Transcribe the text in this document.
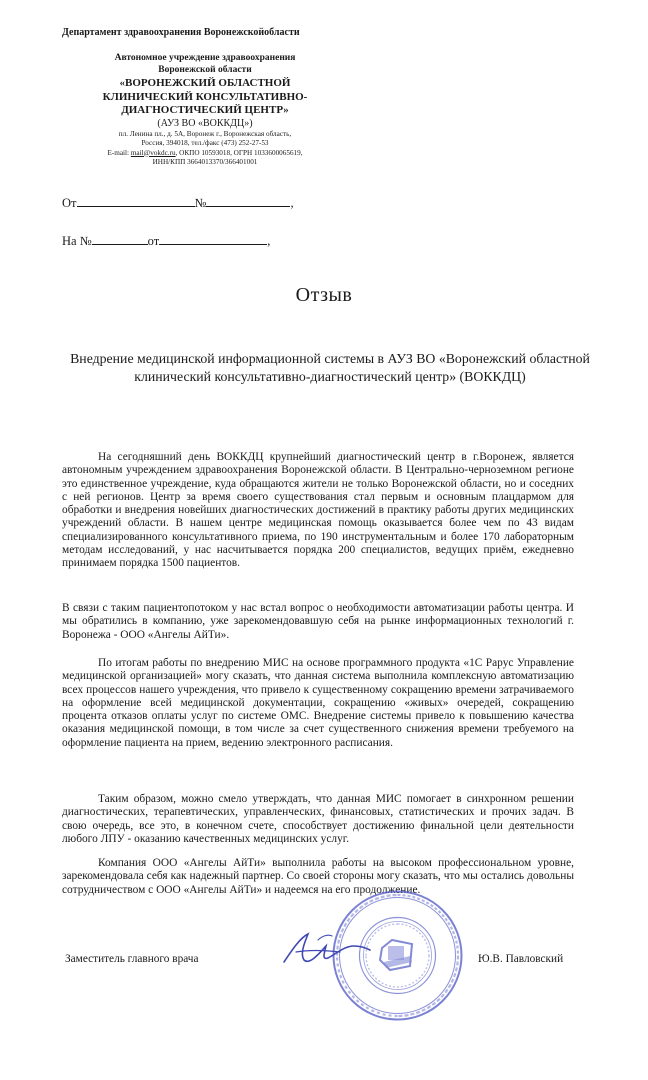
Департамент здравоохранения Воронежскойобласти
Автономное учреждение здравоохранения
Воронежской области
«ВОРОНЕЖСКИЙ ОБЛАСТНОЙ
КЛИНИЧЕСКИЙ КОНСУЛЬТАТИВНО-
ДИАГНОСТИЧЕСКИЙ ЦЕНТР»
(АУЗ ВО «ВОККДЦ»)
пл. Ленина пл., д. 5А, Воронеж г., Воронежская область,
Россия, 394018, тел./факс (473) 252-27-53
E-mail: mail@vokdc.ru, ОКПО 10593018, ОГРН 1033600065619,
ИНН/КПП 3664013370/366401001
От	№	,
На №	от	,
Отзыв
Внедрение медицинской информационной системы в АУЗ ВО «Воронежский областной клинический консультативно-диагностический центр» (ВОККДЦ)

На сегодняшний день ВОККДЦ крупнейший диагностический центр в г.Воронеж, является автономным учреждением здравоохранения Воронежской области. В Центрально-черноземном регионе это единственное учреждение, куда обращаются жители не только Воронежской области, но и соседних с ней регионов. Центр за время своего существования стал первым и основным плацдармом для обработки и внедрения новейших диагностических достижений в практику работы других медицинских учреждений области. В нашем центре медицинская помощь оказывается более чем по 43 видам специализированного консультативного приема, по 190 инструментальным и более 170 лабораторным методам исследований, у нас насчитывается порядка 200 специалистов, ведущих приём, ежедневно принимаем порядка 1500 пациентов.

В связи с таким пациентопотоком у нас встал вопрос о необходимости автоматизации работы центра. И мы обратились в компанию, уже зарекомендовавшую себя на рынке информационных технологий г. Воронежа - ООО «Ангелы АйТи».

По итогам работы по внедрению МИС на основе программного продукта «1С Рарус Управление медицинской организацией» могу сказать, что данная система выполнила комплексную автоматизацию всех процессов нашего учреждения, что привело к существенному сокращению времени затрачиваемого на оформление всей медицинской документации, сокращению «живых» очередей, сокращению процента отказов оплаты услуг по системе ОМС. Внедрение системы привело к повышению качества оказания медицинской помощи, в том числе за счет существенного снижения времени требуемого на оформление пациента на прием, ведению электронного расписания.

Таким образом, можно смело утверждать, что данная МИС помогает в синхронном решении диагностических, терапевтических, управленческих, финансовых, статистических и прочих задач. В свою очередь, все это, в конечном счете, способствует достижению финальной цели деятельности любого ЛПУ - оказанию качественных медицинских услуг.

Компания ООО «Ангелы АйТи» выполнила работы на высоком профессиональном уровне, зарекомендовала себя как надежный партнер. Со своей стороны могу сказать, что мы остались довольны сотрудничеством с ООО «Ангелы АйТи» и надеемся на его продолжение.

Заместитель главного врача	Ю.В. Павловский
